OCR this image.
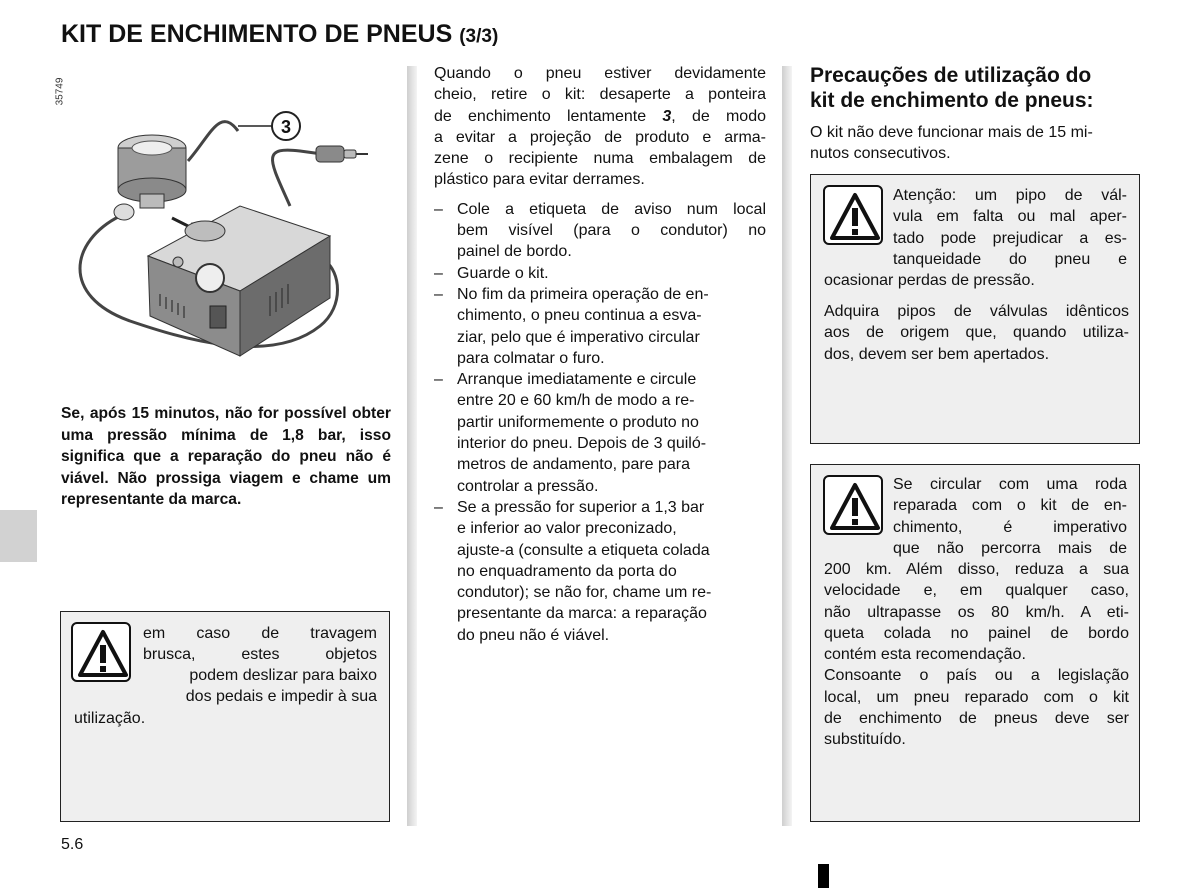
KIT DE ENCHIMENTO DE PNEUS (3/3)
35749
3
Se, após 15 minutos, não for possível obter uma pressão mínima de 1,8 bar, isso significa que a reparação do pneu não é viável. Não prossiga viagem e chame um representante da marca.
em caso de travagem
brusca, estes objetos
podem deslizar para baixo
dos pedais e impedir à sua
utilização.
Quando o pneu estiver devidamente
cheio, retire o kit: desaperte a ponteira
de enchimento lentamente 3, de modo
a evitar a projeção de produto e arma-
zene o recipiente numa embalagem de
plástico para evitar derrames.
– Cole a etiqueta de aviso num local
bem visível (para o condutor) no
painel de bordo.
– Guarde o kit.
– No fim da primeira operação de en-
chimento, o pneu continua a esva-
ziar, pelo que é imperativo circular
para colmatar o furo.
– Arranque imediatamente e circule
entre 20 e 60 km/h de modo a re-
partir uniformemente o produto no
interior do pneu. Depois de 3 quiló-
metros de andamento, pare para
controlar a pressão.
– Se a pressão for superior a 1,3 bar
e inferior ao valor preconizado,
ajuste-a (consulte a etiqueta colada
no enquadramento da porta do
condutor); se não for, chame um re-
presentante da marca: a reparação
do pneu não é viável.
Precauções de utilização do
kit de enchimento de pneus:
O kit não deve funcionar mais de 15 mi-
nutos consecutivos.
Atenção: um pipo de vál-
vula em falta ou mal aper-
tado pode prejudicar a es-
tanqueidade do pneu e
ocasionar perdas de pressão.
Adquira pipos de válvulas idênticos
aos de origem que, quando utiliza-
dos, devem ser bem apertados.
Se circular com uma roda
reparada com o kit de en-
chimento, é imperativo
que não percorra mais de
200 km. Além disso, reduza a sua
velocidade e, em qualquer caso,
não ultrapasse os 80 km/h. A eti-
queta colada no painel de bordo
contém esta recomendação.
Consoante o país ou a legislação
local, um pneu reparado com o kit
de enchimento de pneus deve ser
substituído.
5.6
